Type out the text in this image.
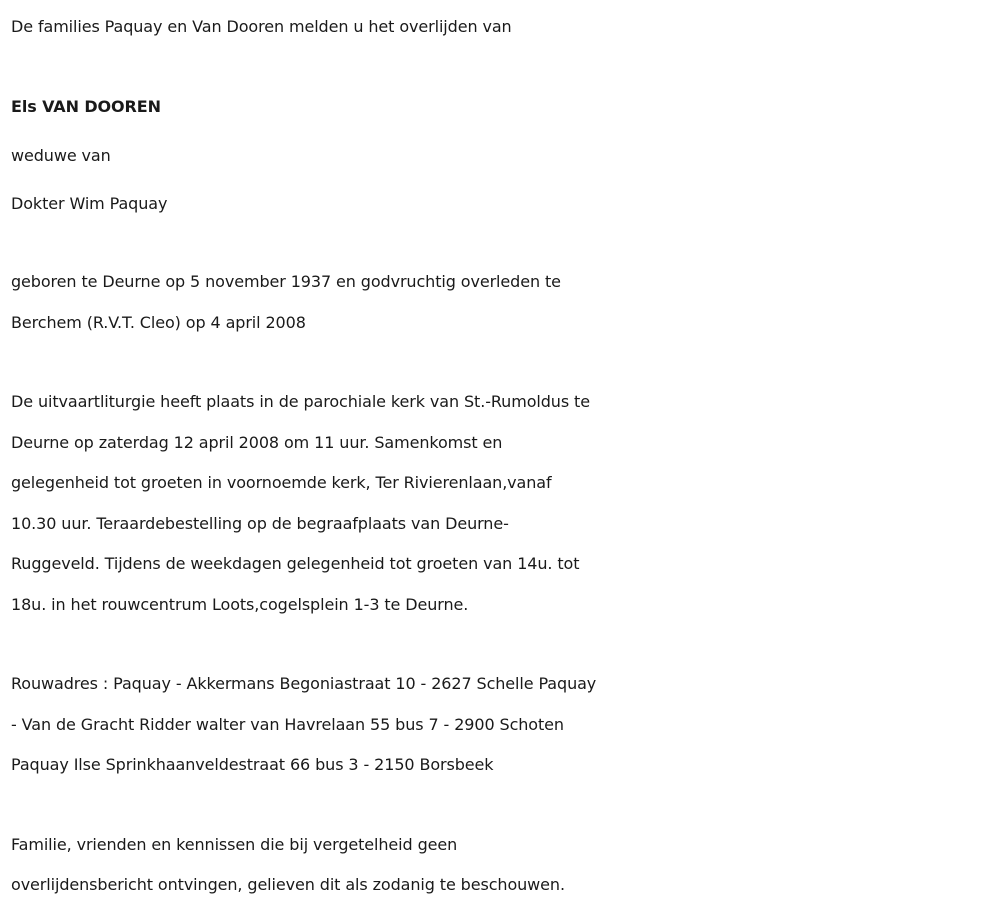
De families Paquay en Van Dooren melden u het overlijden van
Els VAN DOOREN
weduwe van
Dokter Wim Paquay
geboren te Deurne op 5 november 1937 en godvruchtig overleden te
Berchem (R.V.T. Cleo) op 4 april 2008
De uitvaartliturgie heeft plaats in de parochiale kerk van St.-Rumoldus te
Deurne op zaterdag 12 april 2008 om 11 uur. Samenkomst en
gelegenheid tot groeten in voornoemde kerk, Ter Rivierenlaan,vanaf
10.30 uur. Teraardebestelling op de begraafplaats van Deurne-
Ruggeveld. Tijdens de weekdagen gelegenheid tot groeten van 14u. tot
18u. in het rouwcentrum Loots,cogelsplein 1-3 te Deurne.
Rouwadres : Paquay - Akkermans Begoniastraat 10 - 2627 Schelle Paquay
- Van de Gracht Ridder walter van Havrelaan 55 bus 7 - 2900 Schoten
Paquay Ilse Sprinkhaanveldestraat 66 bus 3 - 2150 Borsbeek
Familie, vrienden en kennissen die bij vergetelheid geen
overlijdensbericht ontvingen, gelieven dit als zodanig te beschouwen.
